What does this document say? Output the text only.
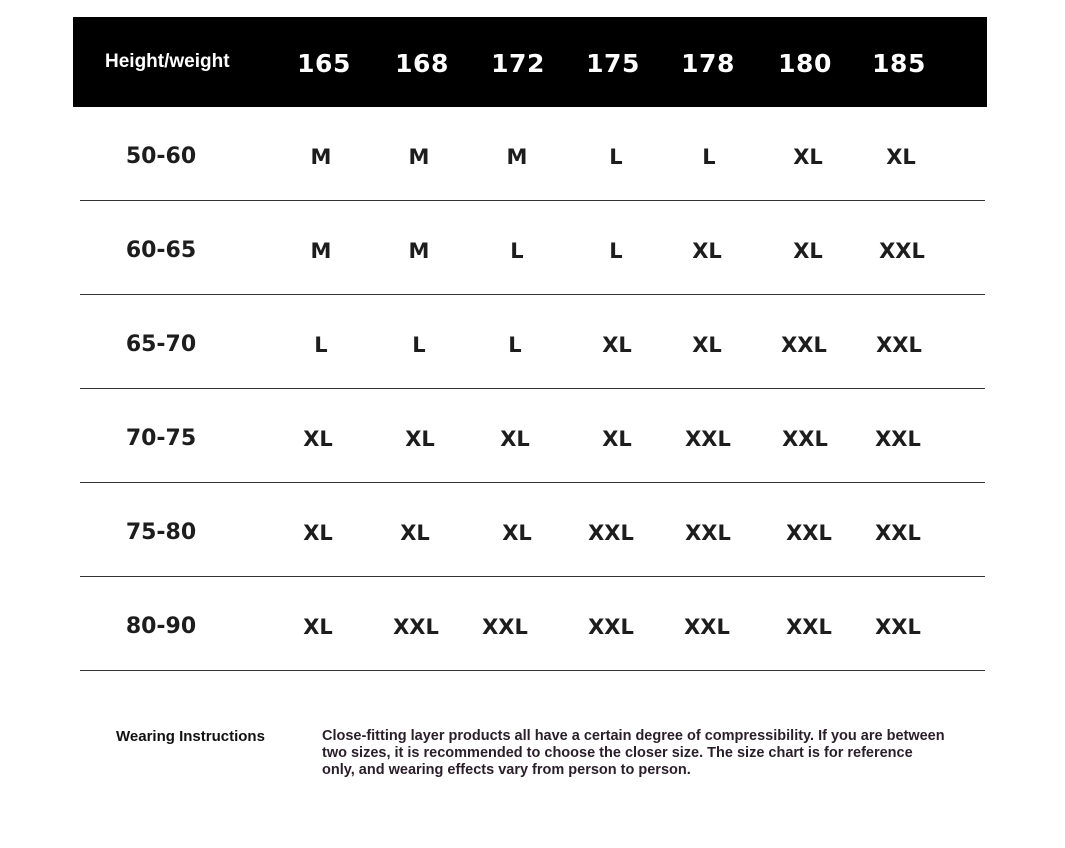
Height/weight	165	168	172	175	178	180	185
50-60	M	M	M	L	L	XL	XL
60-65	M	M	L	L	XL	XL	XXL
65-70	L	L	L	XL	XL	XXL	XXL
70-75	XL	XL	XL	XL	XXL	XXL	XXL
75-80	XL	XL	XL	XXL	XXL	XXL	XXL
80-90	XL	XXL	XXL	XXL	XXL	XXL	XXL
Wearing Instructions	Close-fitting layer products all have a certain degree of compressibility. If you are between two sizes, it is recommended to choose the closer size. The size chart is for reference only, and wearing effects vary from person to person.
